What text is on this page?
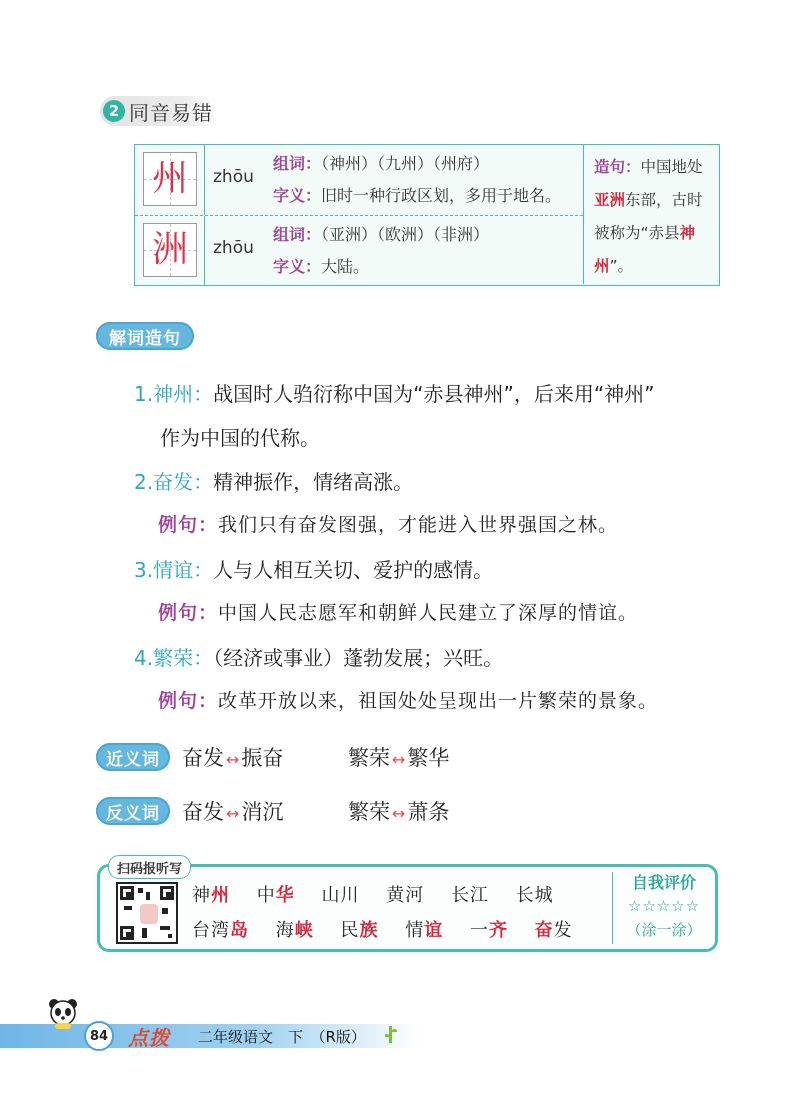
2 同音易错
州	zhōu
组词：（神州）（九州）（州府）
字义：旧时一种行政区划，多用于地名。
洲	zhōu
组词：（亚洲）（欧洲）（非洲）
字义：大陆。
造句：中国地处亚洲东部，古时被称为“赤县神州”。
解词造句
1.神州：战国时人驺衍称中国为“赤县神州”，后来用“神州”
作为中国的代称。
2.奋发：精神振作，情绪高涨。
例句：我们只有奋发图强，才能进入世界强国之林。
3.情谊：人与人相互关切、爱护的感情。
例句：中国人民志愿军和朝鲜人民建立了深厚的情谊。
4.繁荣：（经济或事业）蓬勃发展；兴旺。
例句：改革开放以来，祖国处处呈现出一片繁荣的景象。
近义词	奋发 ↔振奋	繁荣 ↔繁华
反义词	奋发 ↔消沉	繁荣 ↔萧条
扫码报听写
神州 中华 山川 黄河 长江 长城
台湾岛 海峡 民族 情谊 一齐 奋发
自我评价
☆☆☆☆☆
（涂一涂）
84 点拨 二年级语文　下　（R版）
